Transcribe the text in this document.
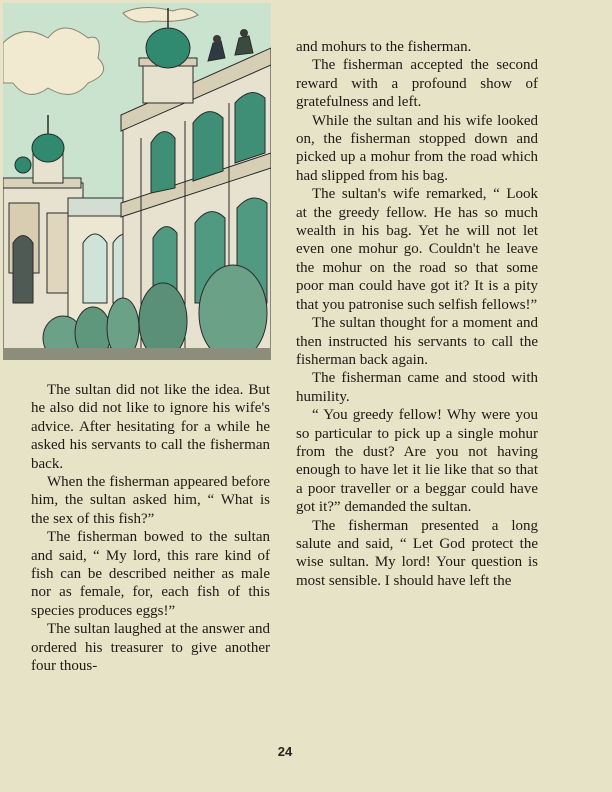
The sultan did not like the idea. But he also did not like to ignore his wife's advice. After hesitating for a while he asked his servants to call the fisherman back.

When the fisherman appeared before him, the sultan asked him, “ What is the sex of this fish?”

The fisherman bowed to the sultan and said, “ My lord, this rare kind of fish can be described neither as male nor as female, for, each fish of this species produces eggs!”

The sultan laughed at the answer and ordered his treasurer to give another four thous-

and mohurs to the fisherman.

The fisherman accepted the second reward with a profound show of gratefulness and left.

While the sultan and his wife looked on, the fisherman stopped down and picked up a mohur from the road which had slipped from his bag.

The sultan's wife remarked, “ Look at the greedy fellow. He has so much wealth in his bag. Yet he will not let even one mohur go. Couldn't he leave the mohur on the road so that some poor man could have got it? It is a pity that you patronise such selfish fellows!”

The sultan thought for a moment and then instructed his servants to call the fisherman back again.

The fisherman came and stood with humility.

“ You greedy fellow! Why were you so particular to pick up a single mohur from the dust? Are you not having enough to have let it lie like that so that a poor traveller or a beggar could have got it?” demanded the sultan.

The fisherman presented a long salute and said, “ Let God protect the wise sultan. My lord! Your question is most sensible. I should have left the

24
